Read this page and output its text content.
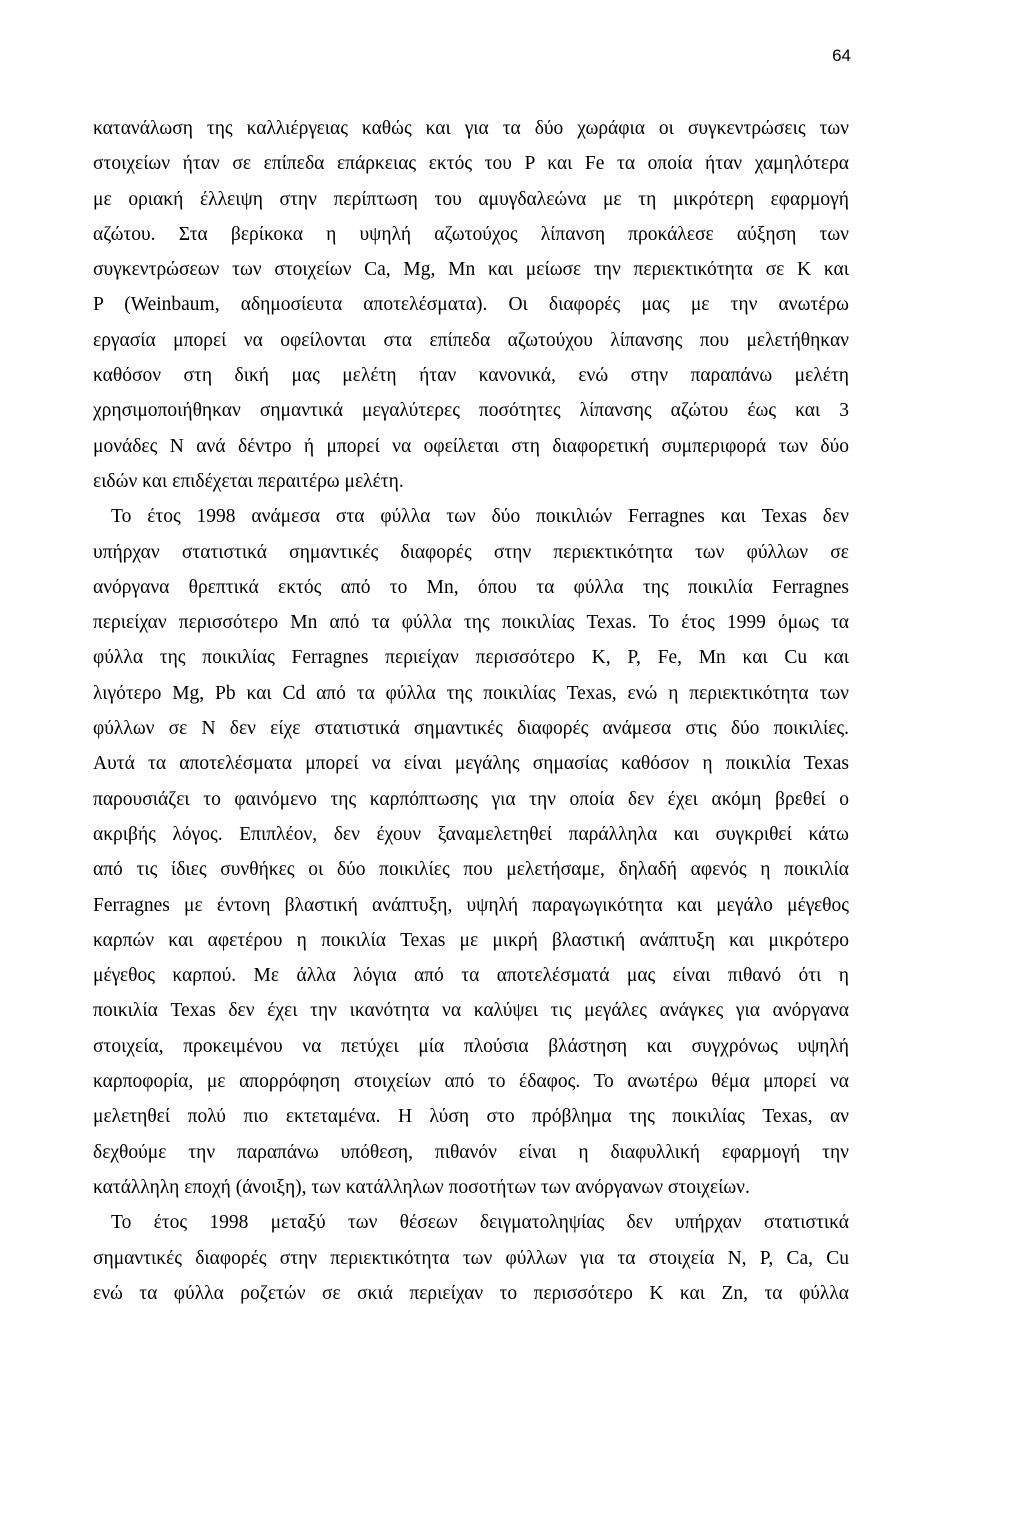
64

κατανάλωση της καλλιέργειας καθώς και για τα δύο χωράφια οι συγκεντρώσεις των
στοιχείων ήταν σε επίπεδα επάρκειας εκτός του P και Fe τα οποία ήταν χαμηλότερα
με οριακή έλλειψη στην περίπτωση του αμυγδαλεώνα με τη μικρότερη εφαρμογή
αζώτου. Στα βερίκοκα η υψηλή αζωτούχος λίπανση προκάλεσε αύξηση των
συγκεντρώσεων των στοιχείων Ca, Mg, Mn και μείωσε την περιεκτικότητα σε K και
P (Weinbaum, αδημοσίευτα αποτελέσματα). Οι διαφορές μας με την ανωτέρω
εργασία μπορεί να οφείλονται στα επίπεδα αζωτούχου λίπανσης που μελετήθηκαν
καθόσον στη δική μας μελέτη ήταν κανονικά, ενώ στην παραπάνω μελέτη
χρησιμοποιήθηκαν σημαντικά μεγαλύτερες ποσότητες λίπανσης αζώτου έως και 3
μονάδες N ανά δέντρο ή μπορεί να οφείλεται στη διαφορετική συμπεριφορά των δύο
ειδών και επιδέχεται περαιτέρω μελέτη.

Το έτος 1998 ανάμεσα στα φύλλα των δύο ποικιλιών Ferragnes και Texas δεν
υπήρχαν στατιστικά σημαντικές διαφορές στην περιεκτικότητα των φύλλων σε
ανόργανα θρεπτικά εκτός από το Mn, όπου τα φύλλα της ποικιλία Ferragnes
περιείχαν περισσότερο Mn από τα φύλλα της ποικιλίας Texas. Το έτος 1999 όμως τα
φύλλα της ποικιλίας Ferragnes περιείχαν περισσότερο K, P, Fe, Mn και Cu και
λιγότερο Mg, Pb και Cd από τα φύλλα της ποικιλίας Texas, ενώ η περιεκτικότητα των
φύλλων σε N δεν είχε στατιστικά σημαντικές διαφορές ανάμεσα στις δύο ποικιλίες.
Αυτά τα αποτελέσματα μπορεί να είναι μεγάλης σημασίας καθόσον η ποικιλία Texas
παρουσιάζει το φαινόμενο της καρπόπτωσης για την οποία δεν έχει ακόμη βρεθεί ο
ακριβής λόγος. Επιπλέον, δεν έχουν ξαναμελετηθεί παράλληλα και συγκριθεί κάτω
από τις ίδιες συνθήκες οι δύο ποικιλίες που μελετήσαμε, δηλαδή αφενός η ποικιλία
Ferragnes με έντονη βλαστική ανάπτυξη, υψηλή παραγωγικότητα και μεγάλο μέγεθος
καρπών και αφετέρου η ποικιλία Texas με μικρή βλαστική ανάπτυξη και μικρότερο
μέγεθος καρπού. Με άλλα λόγια από τα αποτελέσματά μας είναι πιθανό ότι η
ποικιλία Texas δεν έχει την ικανότητα να καλύψει τις μεγάλες ανάγκες για ανόργανα
στοιχεία, προκειμένου να πετύχει μία πλούσια βλάστηση και συγχρόνως υψηλή
καρποφορία, με απορρόφηση στοιχείων από το έδαφος. Το ανωτέρω θέμα μπορεί να
μελετηθεί πολύ πιο εκτεταμένα. Η λύση στο πρόβλημα της ποικιλίας Texas, αν
δεχθούμε την παραπάνω υπόθεση, πιθανόν είναι η διαφυλλική εφαρμογή την
κατάλληλη εποχή (άνοιξη), των κατάλληλων ποσοτήτων των ανόργανων στοιχείων.

Το έτος 1998 μεταξύ των θέσεων δειγματοληψίας δεν υπήρχαν στατιστικά
σημαντικές διαφορές στην περιεκτικότητα των φύλλων για τα στοιχεία N, P, Ca, Cu
ενώ τα φύλλα ροζετών σε σκιά περιείχαν το περισσότερο K και Zn, τα φύλλα
